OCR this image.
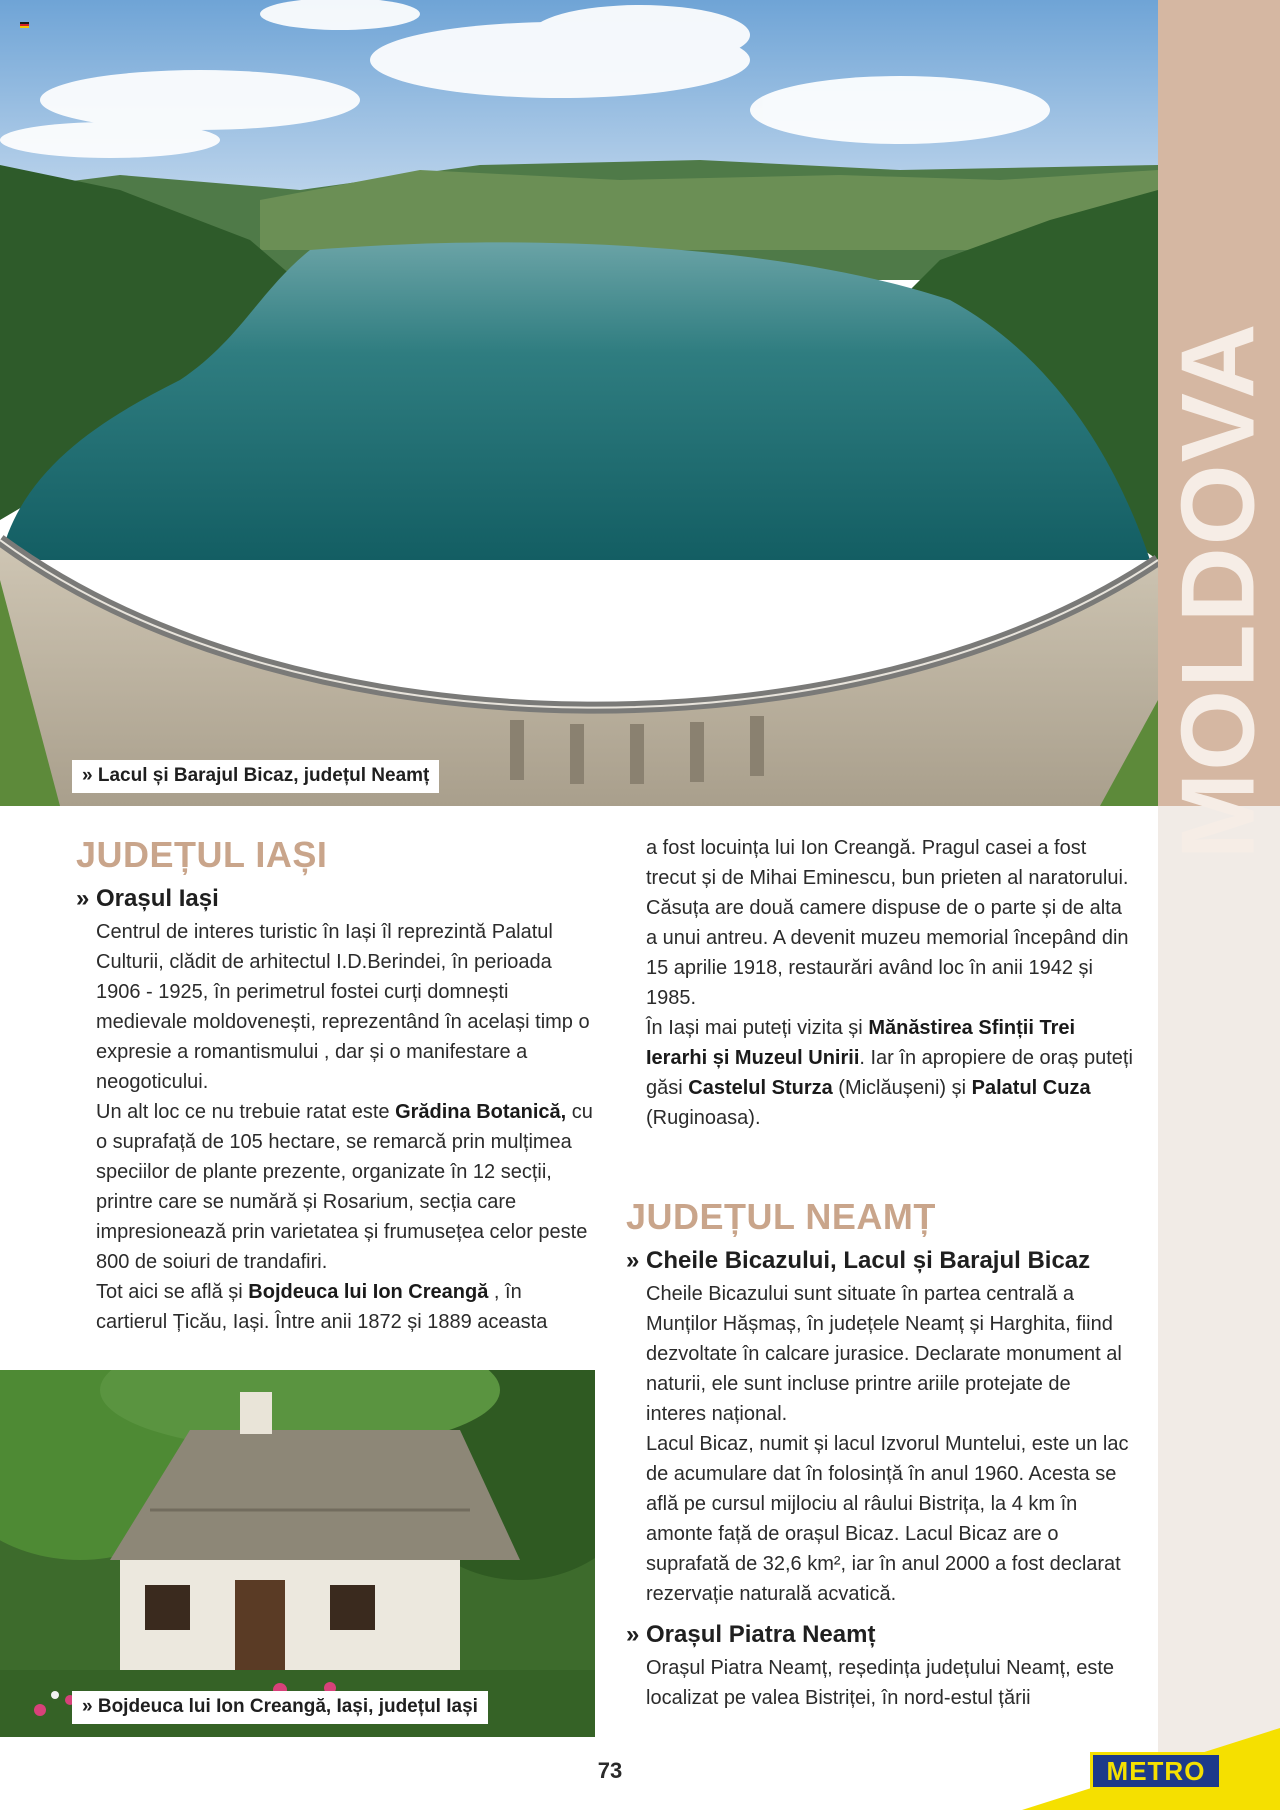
MOLDOVA
» Lacul și Barajul Bicaz, județul Neamț
JUDEȚUL IAȘI
» Orașul Iași

Centrul de interes turistic în Iași îl reprezintă Palatul Culturii, clădit de arhitectul I.D.Berindei, în perioada 1906 - 1925, în perimetrul fostei curți domnești medievale moldovenești, reprezentând în același timp o expresie a romantismului , dar și o manifestare a neogoticului.

Un alt loc ce nu trebuie ratat este Grădina Botanică, cu o suprafață de 105 hectare, se remarcă prin mulțimea speciilor de plante prezente, organizate în 12 secții, printre care se numără și Rosarium, secția care impresionează prin varietatea și frumusețea celor peste 800 de soiuri de trandafiri.

Tot aici se află și Bojdeuca lui Ion Creangă , în cartierul Țicău, Iași. Între anii 1872 și 1889 aceasta

» Bojdeuca lui Ion Creangă, Iași, județul Iași

a fost locuința lui Ion Creangă. Pragul casei a fost trecut și de Mihai Eminescu, bun prieten al naratorului. Căsuța are două camere dispuse de o parte și de alta a unui antreu. A devenit muzeu memorial începând din 15 aprilie 1918, restaurări având loc în anii 1942 și 1985.

În Iași mai puteți vizita și Mănăstirea Sfinții Trei Ierarhi și Muzeul Unirii. Iar în apropiere de oraș puteți găsi Castelul Sturza (Miclăușeni) și Palatul Cuza (Ruginoasa).

JUDEȚUL NEAMȚ
» Cheile Bicazului, Lacul și Barajul Bicaz

Cheile Bicazului sunt situate în partea centrală a Munților Hășmaș, în județele Neamț și Harghita, fiind dezvoltate în calcare jurasice. Declarate monument al naturii, ele sunt incluse printre ariile protejate de interes național.

Lacul Bicaz, numit și lacul Izvorul Muntelui, este un lac de acumulare dat în folosință în anul 1960. Acesta se află pe cursul mijlociu al râului Bistrița, la 4 km în amonte față de orașul Bicaz. Lacul Bicaz are o suprafată de 32,6 km², iar în anul 2000 a fost declarat rezervație naturală acvatică.

» Orașul Piatra Neamț

Orașul Piatra Neamț, reședința județului Neamț, este localizat pe valea Bistriței, în nord-estul țării

73	METRO
